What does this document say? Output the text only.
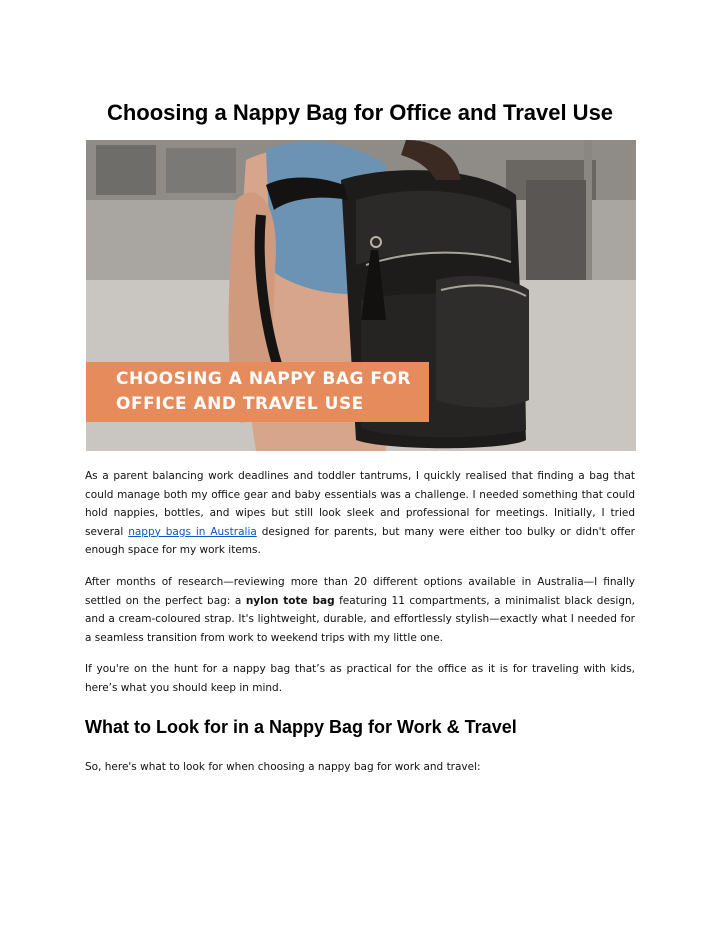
Choosing a Nappy Bag for Office and Travel Use
CHOOSING A NAPPY BAG FOR
OFFICE AND TRAVEL USE

As a parent balancing work deadlines and toddler tantrums, I quickly realised that finding a bag that could manage both my office gear and baby essentials was a challenge. I needed something that could hold nappies, bottles, and wipes but still look sleek and professional for meetings. Initially, I tried several nappy bags in Australia designed for parents, but many were either too bulky or didn't offer enough space for my work items.

After months of research—reviewing more than 20 different options available in Australia—I finally settled on the perfect bag: a nylon tote bag featuring 11 compartments, a minimalist black design, and a cream-coloured strap. It's lightweight, durable, and effortlessly stylish—exactly what I needed for a seamless transition from work to weekend trips with my little one.

If you're on the hunt for a nappy bag that’s as practical for the office as it is for traveling with kids, here’s what you should keep in mind.

What to Look for in a Nappy Bag for Work & Travel

So, here's what to look for when choosing a nappy bag for work and travel:
